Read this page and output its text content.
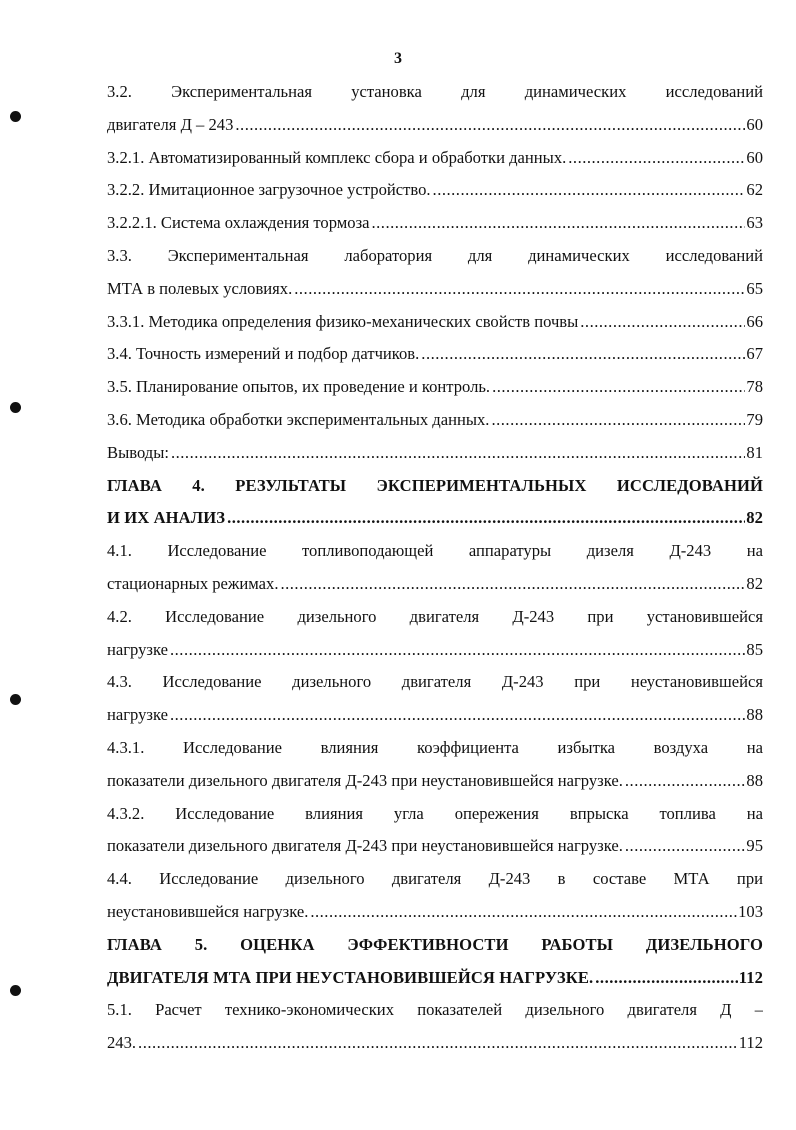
3
3.2. Экспериментальная установка для динамических исследований
двигателя Д – 243 .....	60
3.2.1. Автоматизированный комплекс сбора и обработки данных. .....	60
3.2.2. Имитационное загрузочное устройство. .....	62
3.2.2.1. Система охлаждения тормоза .....	63
3.3. Экспериментальная лаборатория для динамических исследований
МТА в полевых условиях. .....	65
3.3.1. Методика определения физико-механических свойств почвы .....	66
3.4. Точность измерений и подбор датчиков. .....	67
3.5. Планирование опытов, их проведение и контроль. .....	78
3.6. Методика обработки экспериментальных данных. .....	79
Выводы: .....	81
ГЛАВА 4. РЕЗУЛЬТАТЫ ЭКСПЕРИМЕНТАЛЬНЫХ ИССЛЕДОВАНИЙ
И ИХ АНАЛИЗ .....	82
4.1. Исследование топливоподающей аппаратуры дизеля Д-243 на
стационарных режимах. .....	82
4.2. Исследование дизельного двигателя Д-243 при установившейся
нагрузке .....	85
4.3. Исследование дизельного двигателя Д-243 при неустановившейся
нагрузке .....	88
4.3.1. Исследование влияния коэффициента избытка воздуха на
показатели дизельного двигателя Д-243 при неустановившейся нагрузке. .....	88
4.3.2. Исследование влияния угла опережения впрыска топлива на
показатели дизельного двигателя Д-243 при неустановившейся нагрузке. .....	95
4.4. Исследование дизельного двигателя Д-243 в составе МТА при
неустановившейся нагрузке. .....	103
ГЛАВА 5. ОЦЕНКА ЭФФЕКТИВНОСТИ РАБОТЫ ДИЗЕЛЬНОГО
ДВИГАТЕЛЯ МТА ПРИ НЕУСТАНОВИВШЕЙСЯ НАГРУЗКЕ. .....	112
5.1. Расчет технико-экономических показателей дизельного двигателя Д –
243. .....	112
